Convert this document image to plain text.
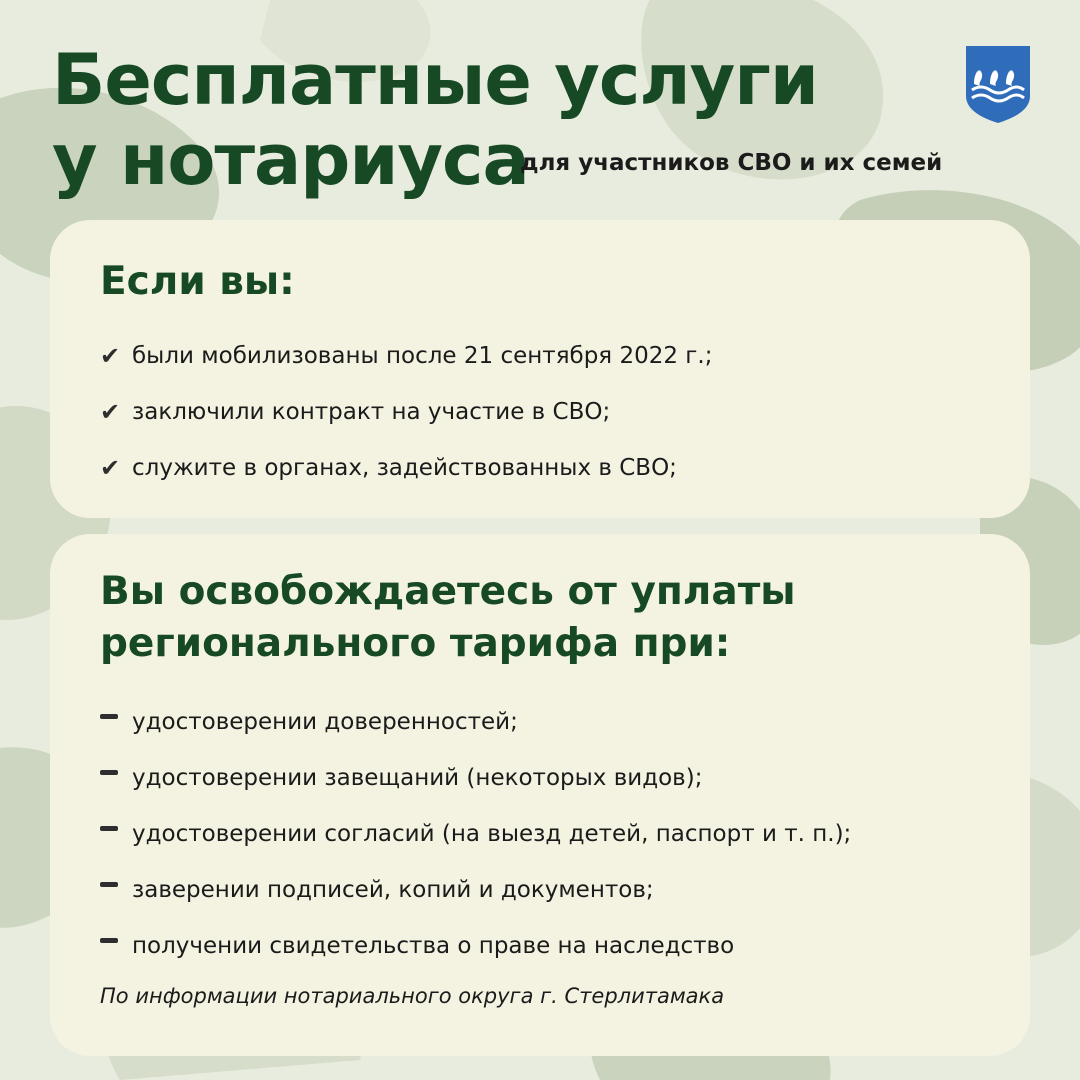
Бесплатные услуги
у нотариуса
для участников СВО и их семей
Если вы:
✔ были мобилизованы после 21 сентября 2022 г.;
✔ заключили контракт на участие в СВО;
✔ служите в органах, задействованных в СВО;
Вы освобождаетесь от уплаты
регионального тарифа при:
удостоверении доверенностей;
удостоверении завещаний (некоторых видов);
удостоверении согласий (на выезд детей, паспорт и т. п.);
заверении подписей, копий и документов;
получении свидетельства о праве на наследство
По информации нотариального округа г. Стерлитамака
